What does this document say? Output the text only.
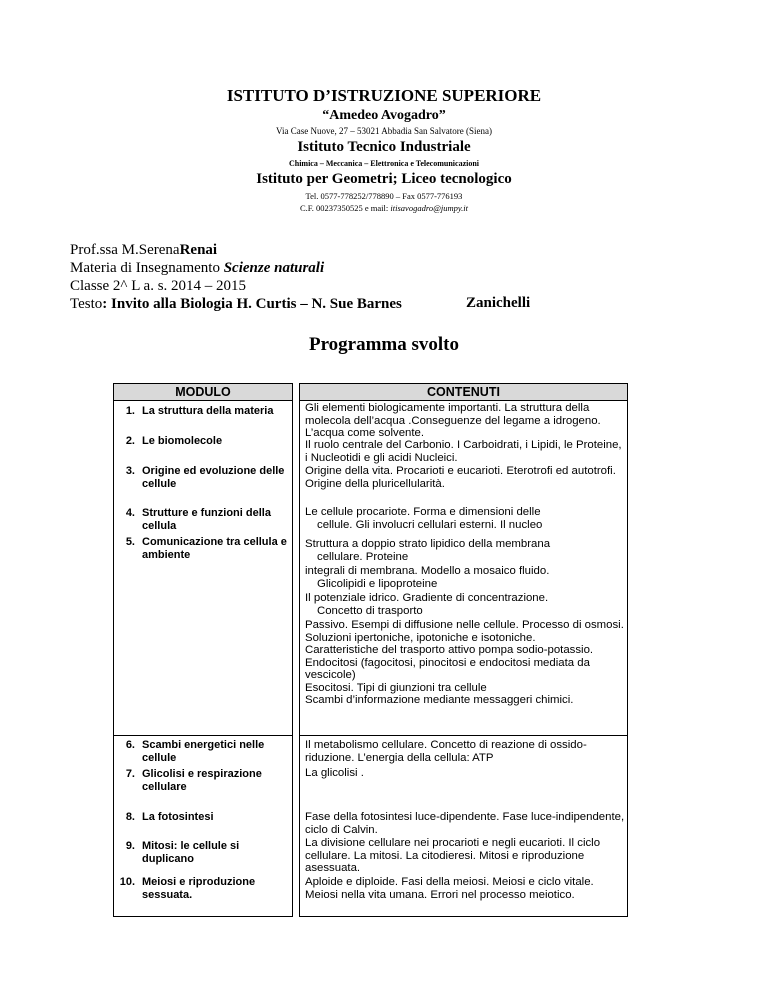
ISTITUTO D’ISTRUZIONE SUPERIORE
“Amedeo Avogadro”
Via Case Nuove, 27 – 53021 Abbadia San Salvatore (Siena)
Istituto Tecnico Industriale
Chimica – Meccanica – Elettronica e Telecomunicazioni
Istituto per Geometri; Liceo tecnologico
Tel. 0577-778252/778890 – Fax 0577-776193
C.F. 00237350525 e mail: itisavogadro@jumpy.it
Prof.ssa M.SerenaRenai
Materia di Insegnamento Scienze naturali
Classe 2^ L a. s. 2014 – 2015
Testo: Invito alla Biologia H. Curtis – N. Sue Barnes	Zanichelli
Programma svolto
MODULO	CONTENUTI
1. La struttura della materia
2. Le biomolecole
3. Origine ed evoluzione delle cellule
4. Strutture e funzioni della cellula
5. Comunicazione tra cellula e ambiente
6. Scambi energetici nelle cellule
7. Glicolisi e respirazione cellulare
8. La fotosintesi
Gli elementi biologicamente importanti. La struttura della molecola dell’acqua .Conseguenze del legame a idrogeno. L’acqua come solvente.
Il ruolo centrale del Carbonio. I Carboidrati, i Lipidi, le Proteine, i Nucleotidi e gli acidi Nucleici.
Origine della vita. Procarioti e eucarioti. Eterotrofi ed autotrofi. Origine della pluricellularità.
Le cellule procariote. Forma e dimensioni delle
cellule. Gli involucri cellulari esterni. Il nucleo
Struttura a doppio strato lipidico della membrana
cellulare. Proteine
integrali di membrana. Modello a mosaico fluido.
Glicolipidi e lipoproteine
Il potenziale idrico. Gradiente di concentrazione.
Concetto di trasporto
Passivo. Esempi di diffusione nelle cellule. Processo di osmosi. Soluzioni ipertoniche, ipotoniche e isotoniche.
Caratteristiche del trasporto attivo pompa sodio-potassio. Endocitosi (fagocitosi, pinocitosi e endocitosi mediata da vescicole)
Esocitosi. Tipi di giunzioni tra cellule
Scambi d’informazione mediante messaggeri chimici.
Il metabolismo cellulare. Concetto di reazione di ossido-riduzione. L’energia della cellula: ATP
La glicolisi .
Fase della fotosintesi luce-dipendente. Fase luce-indipendente, ciclo di Calvin.
La divisione cellulare nei procarioti e negli eucarioti. Il ciclo cellulare. La mitosi. La citodieresi. Mitosi e riproduzione asessuata.
Aploide e diploide. Fasi della meiosi. Meiosi e ciclo vitale. Meiosi nella vita umana. Errori nel processo meiotico.
9. Mitosi: le cellule si duplicano
10. Meiosi e riproduzione sessuata.
